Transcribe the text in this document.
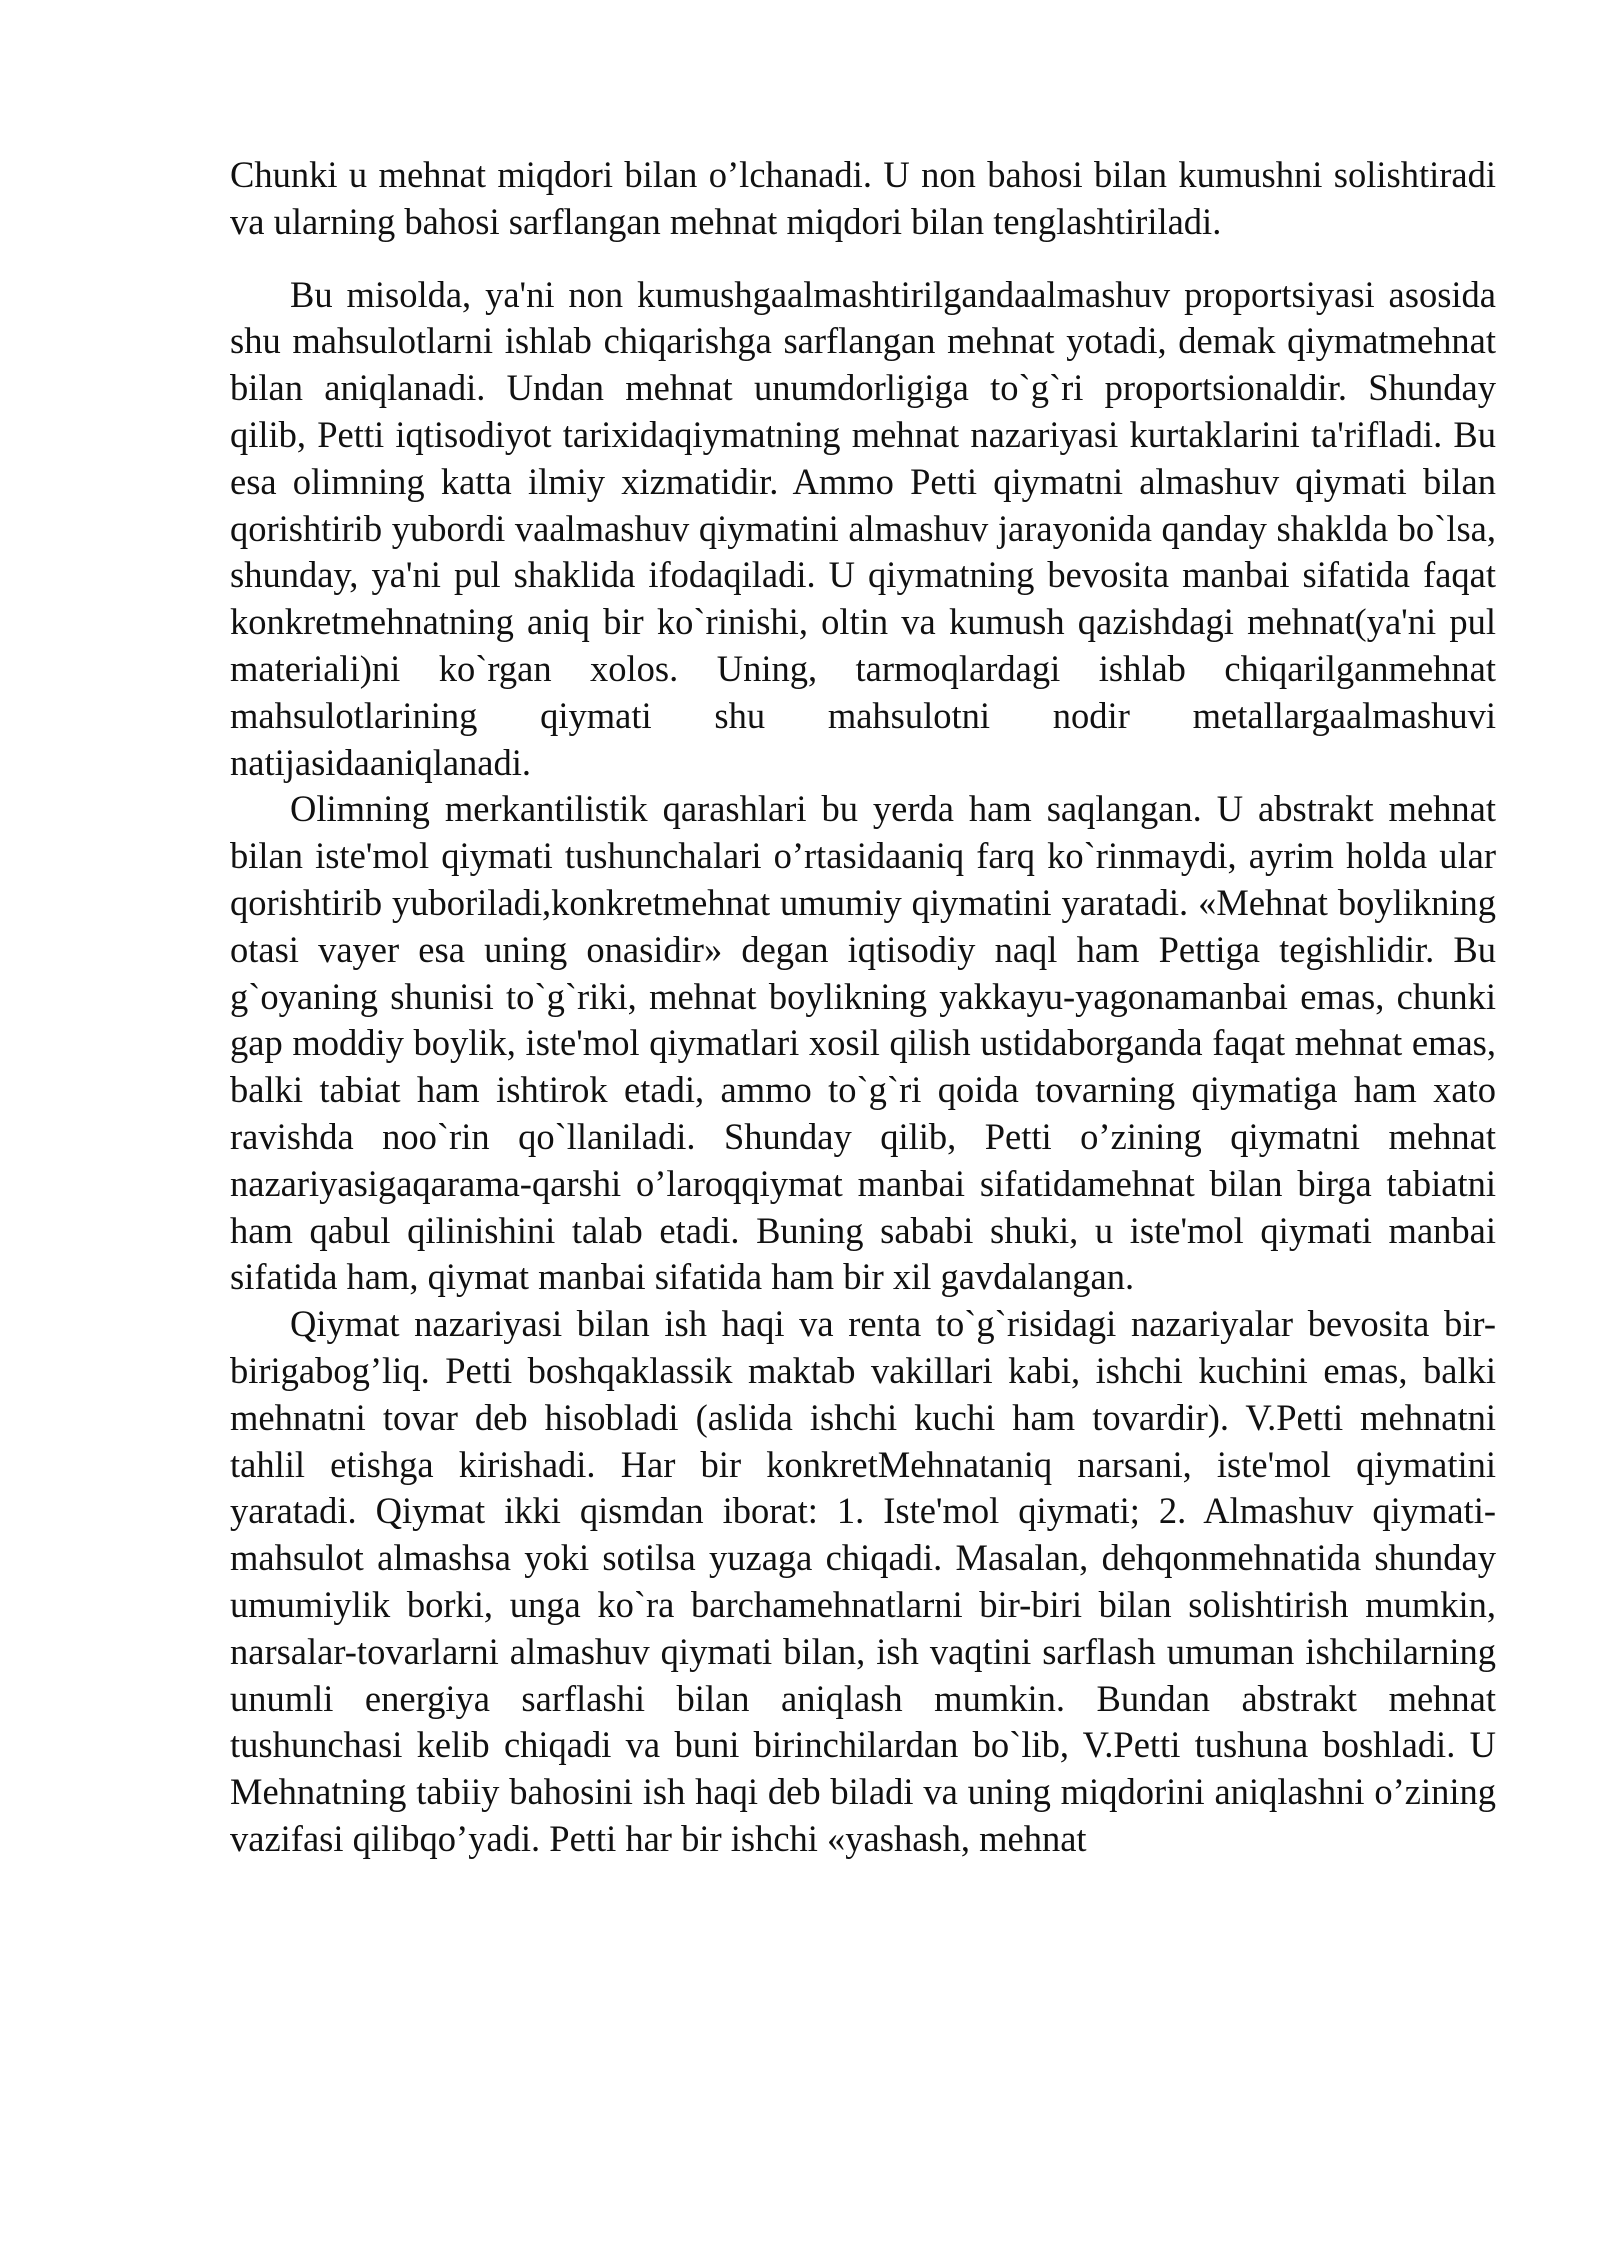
Chunki u mehnat miqdori bilan o’lchanadi. U non bahosi bilan kumushni solishtiradi va ularning bahosi sarflangan mehnat miqdori bilan tenglashtiriladi.

Bu misolda, ya'ni non kumushgaalmashtirilgandaalmashuv proportsiyasi asosida shu mahsulotlarni ishlab chiqarishga sarflangan mehnat yotadi, demak qiymatmehnat bilan aniqlanadi. Undan mehnat unumdorligiga to`g`ri proportsionaldir. Shunday qilib, Petti iqtisodiyot tarixidaqiymatning mehnat nazariyasi kurtaklarini ta'rifladi. Bu esa olimning katta ilmiy xizmatidir. Ammo Petti qiymatni almashuv qiymati bilan qorishtirib yubordi vaalmashuv qiymatini almashuv jarayonida qanday shaklda bo`lsa, shunday, ya'ni pul shaklida ifodaqiladi. U qiymatning bevosita manbai sifatida faqat konkretmehnatning aniq bir ko`rinishi, oltin va kumush qazishdagi mehnat(ya'ni pul materiali)ni ko`rgan xolos. Uning, tarmoqlardagi ishlab chiqarilganmehnat mahsulotlarining qiymati shu mahsulotni nodir metallargaalmashuvi natijasidaaniqlanadi.

Olimning merkantilistik qarashlari bu yerda ham saqlangan. U abstrakt mehnat bilan iste'mol qiymati tushunchalari o’rtasidaaniq farq ko`rinmaydi, ayrim holda ular qorishtirib yuboriladi,konkretmehnat umumiy qiymatini yaratadi. «Mehnat boylikning otasi vayer esa uning onasidir» degan iqtisodiy naql ham Pettiga tegishlidir. Bu g`oyaning shunisi to`g`riki, mehnat boylikning yakkayu-yagonamanbai emas, chunki gap moddiy boylik, iste'mol qiymatlari xosil qilish ustidaborganda faqat mehnat emas, balki tabiat ham ishtirok etadi, ammo to`g`ri qoida tovarning qiymatiga ham xato ravishda noo`rin qo`llaniladi. Shunday qilib, Petti o’zining qiymatni mehnat nazariyasigaqarama-qarshi o’laroqqiymat manbai sifatidamehnat bilan birga tabiatni ham qabul qilinishini talab etadi. Buning sababi shuki, u iste'mol qiymati manbai sifatida ham, qiymat manbai sifatida ham bir xil gavdalangan.

Qiymat nazariyasi bilan ish haqi va renta to`g`risidagi nazariyalar bevosita bir-birigabog’liq. Petti boshqaklassik maktab vakillari kabi, ishchi kuchini emas, balki mehnatni tovar deb hisobladi (aslida ishchi kuchi ham tovardir). V.Petti mehnatni tahlil etishga kirishadi. Har bir konkretMehnataniq narsani, iste'mol qiymatini yaratadi. Qiymat ikki qismdan iborat: 1. Iste'mol qiymati; 2. Almashuv qiymati- mahsulot almashsa yoki sotilsa yuzaga chiqadi. Masalan, dehqonmehnatida shunday umumiylik borki, unga ko`ra barchamehnatlarni bir-biri bilan solishtirish mumkin, narsalar-tovarlarni almashuv qiymati bilan, ish vaqtini sarflash umuman ishchilarning unumli energiya sarflashi bilan aniqlash mumkin. Bundan abstrakt mehnat tushunchasi kelib chiqadi va buni birinchilardan bo`lib, V.Petti tushuna boshladi. U Mehnatning tabiiy bahosini ish haqi deb biladi va uning miqdorini aniqlashni o’zining vazifasi qilibqo’yadi. Petti har bir ishchi «yashash, mehnat
